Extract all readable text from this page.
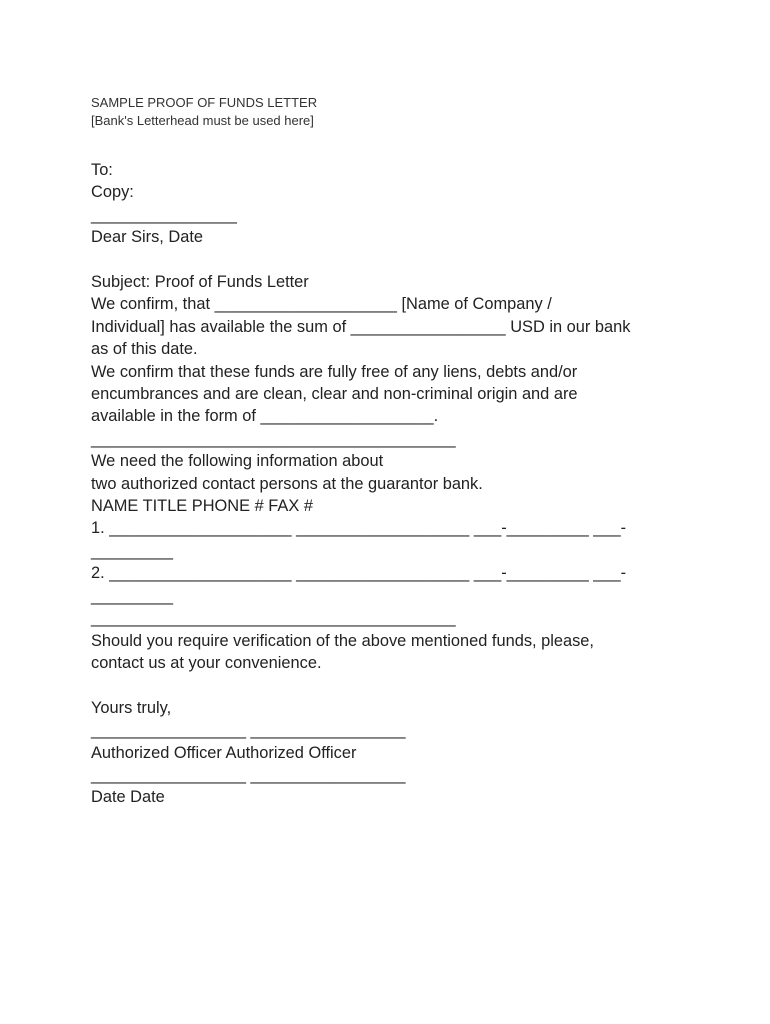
SAMPLE PROOF OF FUNDS LETTER
[Bank's Letterhead must be used here]
To:
Copy:
________________
Dear Sirs, Date
Subject: Proof of Funds Letter
We confirm, that ____________________ [Name of Company /
Individual] has available the sum of _________________ USD in our bank
as of this date.
We confirm that these funds are fully free of any liens, debts and/or
encumbrances and are clean, clear and non-criminal origin and are
available in the form of ___________________.
________________________________________
We need the following information about
two authorized contact persons at the guarantor bank.
NAME TITLE PHONE # FAX #
1. ____________________ ___________________ ___-_________ ___-
_________
2. ____________________ ___________________ ___-_________ ___-
_________
________________________________________
Should you require verification of the above mentioned funds, please,
contact us at your convenience.
Yours truly,
_________________ _________________
Authorized Officer Authorized Officer
_________________ _________________
Date Date
